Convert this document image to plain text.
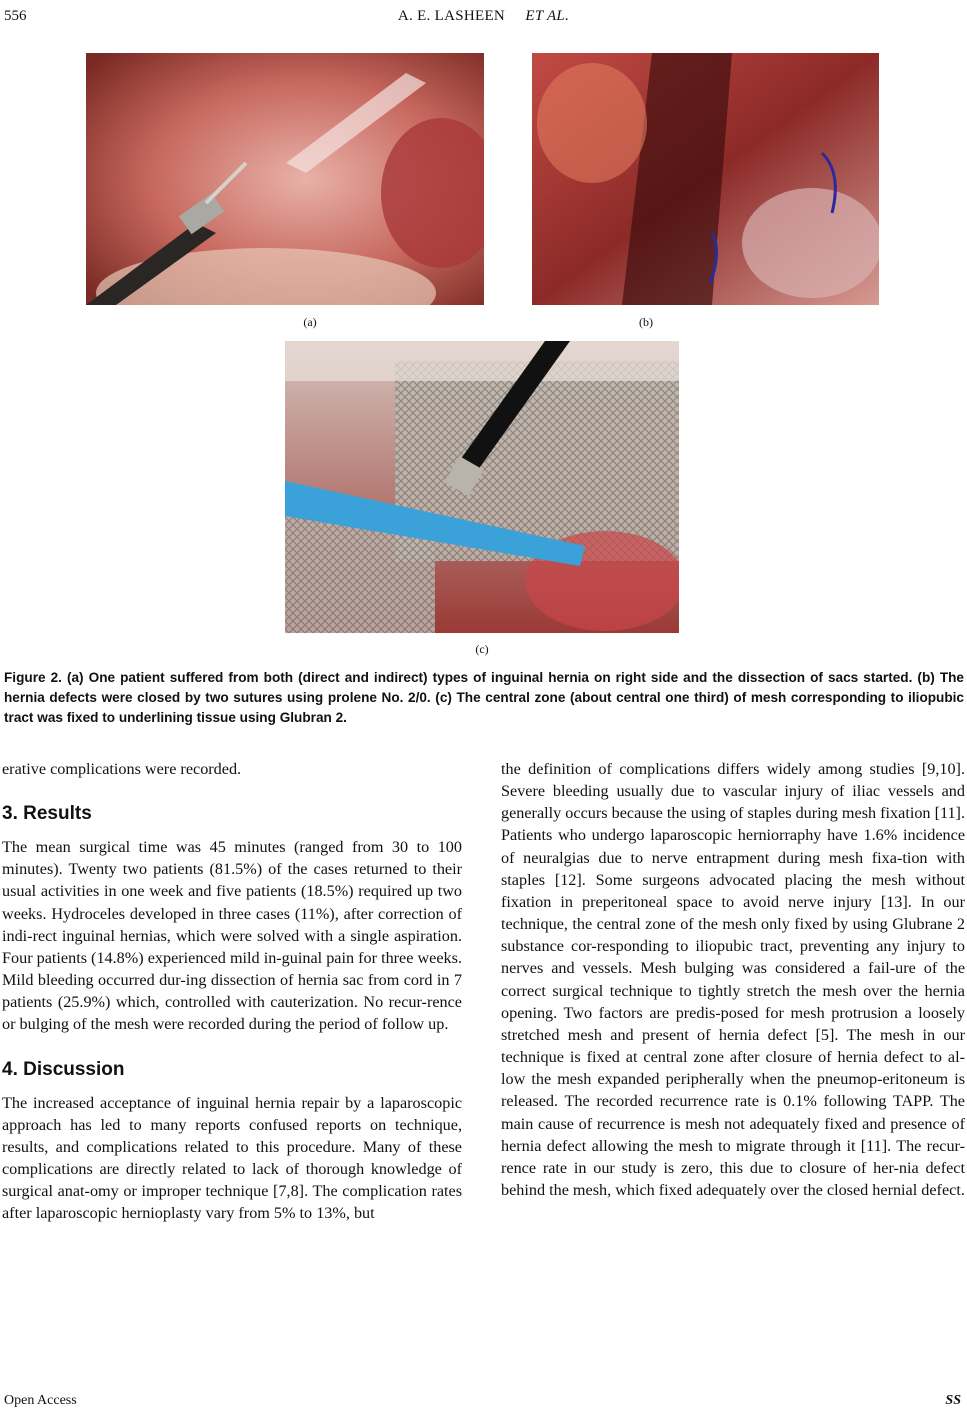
556	A. E. LASHEEN ET AL.
(a)	(b)
(c)
Figure 2. (a) One patient suffered from both (direct and indirect) types of inguinal hernia on right side and the dissection of sacs started. (b) The hernia defects were closed by two sutures using prolene No. 2/0. (c) The central zone (about central one third) of mesh corresponding to iliopubic tract was fixed to underlining tissue using Glubran 2.

erative complications were recorded.

3. Results

The mean surgical time was 45 minutes (ranged from 30 to 100 minutes). Twenty two patients (81.5%) of the cases returned to their usual activities in one week and five patients (18.5%) required up two weeks. Hydroceles developed in three cases (11%), after correction of indi-rect inguinal hernias, which were solved with a single aspiration. Four patients (14.8%) experienced mild in-guinal pain for three weeks. Mild bleeding occurred dur-ing dissection of hernia sac from cord in 7 patients (25.9%) which, controlled with cauterization. No recur-rence or bulging of the mesh were recorded during the period of follow up.

4. Discussion

The increased acceptance of inguinal hernia repair by a laparoscopic approach has led to many reports confused reports on technique, results, and complications related to this procedure. Many of these complications are directly related to lack of thorough knowledge of surgical anat-omy or improper technique [7,8]. The complication rates after laparoscopic hernioplasty vary from 5% to 13%, but

the definition of complications differs widely among studies [9,10]. Severe bleeding usually due to vascular injury of iliac vessels and generally occurs because the using of staples during mesh fixation [11]. Patients who undergo laparoscopic herniorraphy have 1.6% incidence of neuralgias due to nerve entrapment during mesh fixa-tion with staples [12]. Some surgeons advocated placing the mesh without fixation in preperitoneal space to avoid nerve injury [13]. In our technique, the central zone of the mesh only fixed by using Glubrane 2 substance cor-responding to iliopubic tract, preventing any injury to nerves and vessels. Mesh bulging was considered a fail-ure of the correct surgical technique to tightly stretch the mesh over the hernia opening. Two factors are predis-posed for mesh protrusion a loosely stretched mesh and present of hernia defect [5]. The mesh in our technique is fixed at central zone after closure of hernia defect to al-low the mesh expanded peripherally when the pneumop-eritoneum is released. The recorded recurrence rate is 0.1% following TAPP. The main cause of recurrence is mesh not adequately fixed and presence of hernia defect allowing the mesh to migrate through it [11]. The recur-rence rate in our study is zero, this due to closure of her-nia defect behind the mesh, which fixed adequately over the closed hernial defect.

Open Access	SS
